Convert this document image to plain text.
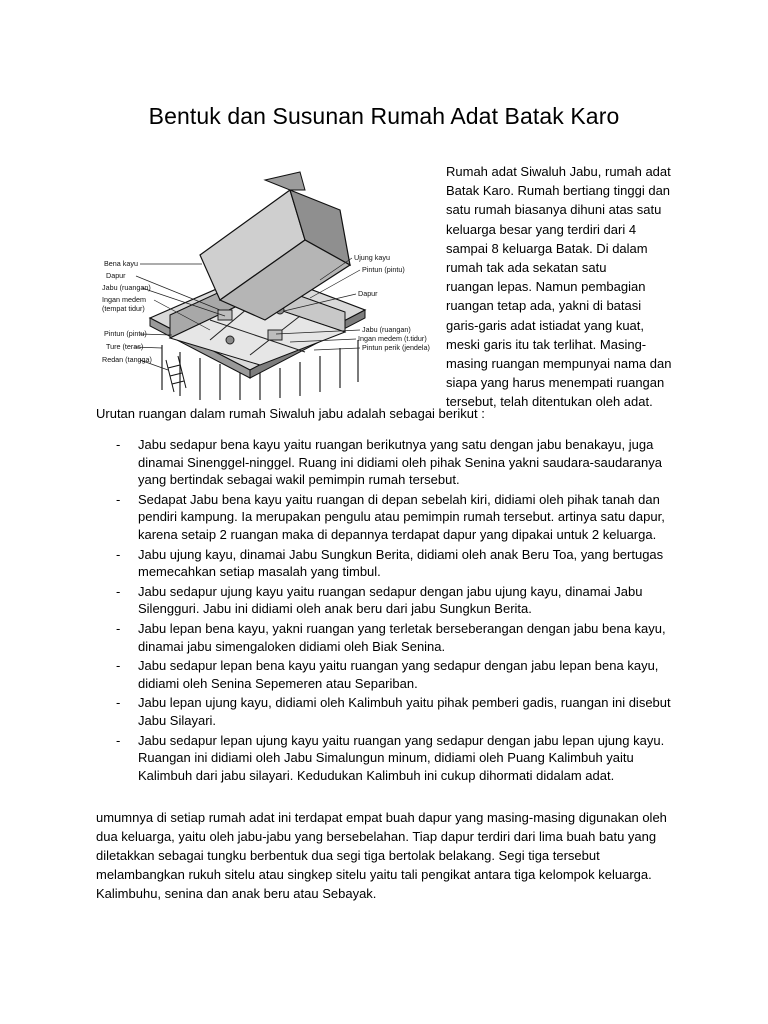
Bentuk dan Susunan Rumah Adat Batak Karo
Bena kayu
Dapur
Jabu (ruangan)
Ingan medem
(tempat tidur)
Pintun (pintu)
Ture (teras)
Redan (tangga)
Ujung kayu
Pintun (pintu)
Dapur
Jabu (ruangan)
Ingan medem (t.tidur)
Pintun perik (jendela)
Rumah adat Siwaluh Jabu, rumah adat
Batak Karo. Rumah bertiang tinggi dan
satu rumah biasanya dihuni atas satu
keluarga besar yang terdiri dari 4
sampai 8 keluarga Batak. Di dalam
rumah tak ada sekatan satu
ruangan lepas. Namun pembagian
ruangan tetap ada, yakni di batasi
garis-garis adat istiadat yang kuat,
meski garis itu tak terlihat. Masing-
masing ruangan mempunyai nama dan
siapa yang harus menempati ruangan
tersebut, telah ditentukan oleh adat.
Urutan ruangan dalam rumah Siwaluh jabu adalah sebagai berikut :
- Jabu sedapur bena kayu yaitu ruangan berikutnya yang satu dengan jabu benakayu, juga
dinamai Sinenggel-ninggel. Ruang ini didiami oleh pihak Senina yakni saudara-saudaranya
yang bertindak sebagai wakil pemimpin rumah tersebut.
- Sedapat Jabu bena kayu yaitu ruangan di depan sebelah kiri, didiami oleh pihak tanah dan
pendiri kampung. Ia merupakan pengulu atau pemimpin rumah tersebut. artinya satu dapur,
karena setaip 2 ruangan maka di depannya terdapat dapur yang dipakai untuk 2 keluarga.
- Jabu ujung kayu, dinamai Jabu Sungkun Berita, didiami oleh anak Beru Toa, yang bertugas
memecahkan setiap masalah yang timbul.
- Jabu sedapur ujung kayu yaitu ruangan sedapur dengan jabu ujung kayu, dinamai Jabu
Silengguri. Jabu ini didiami oleh anak beru dari jabu Sungkun Berita.
- Jabu lepan bena kayu, yakni ruangan yang terletak berseberangan dengan jabu bena kayu,
dinamai jabu simengaloken didiami oleh Biak Senina.
- Jabu sedapur lepan bena kayu yaitu ruangan yang sedapur dengan jabu lepan bena kayu,
didiami oleh Senina Sepemeren atau Separiban.
- Jabu lepan ujung kayu, didiami oleh Kalimbuh yaitu pihak pemberi gadis, ruangan ini disebut
Jabu Silayari.
- Jabu sedapur lepan ujung kayu yaitu ruangan yang sedapur dengan jabu lepan ujung kayu.
Ruangan ini didiami oleh Jabu Simalungun minum, didiami oleh Puang Kalimbuh yaitu
Kalimbuh dari jabu silayari. Kedudukan Kalimbuh ini cukup dihormati didalam adat.
umumnya di setiap rumah adat ini terdapat empat buah dapur yang masing-masing digunakan oleh
dua keluarga, yaitu oleh jabu-jabu yang bersebelahan. Tiap dapur terdiri dari lima buah batu yang
diletakkan sebagai tungku berbentuk dua segi tiga bertolak belakang. Segi tiga tersebut
melambangkan rukuh sitelu atau singkep sitelu yaitu tali pengikat antara tiga kelompok keluarga.
Kalimbuhu, senina dan anak beru atau Sebayak.
